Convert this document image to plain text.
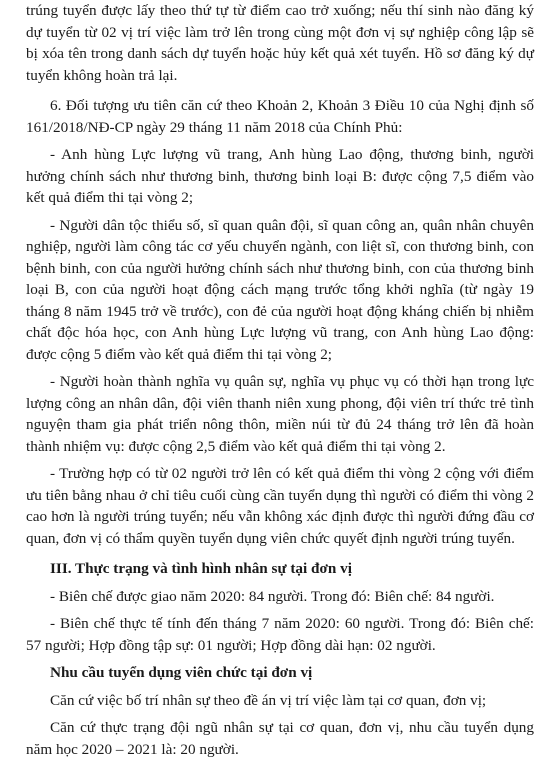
trúng tuyển được lấy theo thứ tự từ điểm cao trở xuống; nếu thí sinh nào đăng ký dự tuyển từ 02 vị trí việc làm trở lên trong cùng một đơn vị sự nghiệp công lập sẽ bị xóa tên trong danh sách dự tuyển hoặc hủy kết quả xét tuyển. Hồ sơ đăng ký dự tuyển không hoàn trả lại.

6. Đối tượng ưu tiên căn cứ theo Khoản 2, Khoản 3 Điều 10 của Nghị định số 161/2018/NĐ-CP ngày 29 tháng 11 năm 2018 của Chính Phủ:

- Anh hùng Lực lượng vũ trang, Anh hùng Lao động, thương binh, người hưởng chính sách như thương binh, thương binh loại B: được cộng 7,5 điểm vào kết quả điểm thi tại vòng 2;

- Người dân tộc thiểu số, sĩ quan quân đội, sĩ quan công an, quân nhân chuyên nghiệp, người làm công tác cơ yếu chuyển ngành, con liệt sĩ, con thương binh, con bệnh binh, con của người hưởng chính sách như thương binh, con của thương binh loại B, con của người hoạt động cách mạng trước tổng khởi nghĩa (từ ngày 19 tháng 8 năm 1945 trở về trước), con đẻ của người hoạt động kháng chiến bị nhiễm chất độc hóa học, con Anh hùng Lực lượng vũ trang, con Anh hùng Lao động: được cộng 5 điểm vào kết quả điểm thi tại vòng 2;

- Người hoàn thành nghĩa vụ quân sự, nghĩa vụ phục vụ có thời hạn trong lực lượng công an nhân dân, đội viên thanh niên xung phong, đội viên trí thức trẻ tình nguyện tham gia phát triển nông thôn, miền núi từ đủ 24 tháng trở lên đã hoàn thành nhiệm vụ: được cộng 2,5 điểm vào kết quả điểm thi tại vòng 2.

- Trường hợp có từ 02 người trở lên có kết quả điểm thi vòng 2 cộng với điểm ưu tiên bằng nhau ở chỉ tiêu cuối cùng cần tuyển dụng thì người có điểm thi vòng 2 cao hơn là người trúng tuyển; nếu vẫn không xác định được thì người đứng đầu cơ quan, đơn vị có thẩm quyền tuyển dụng viên chức quyết định người trúng tuyển.

III. Thực trạng và tình hình nhân sự tại đơn vị

- Biên chế được giao năm 2020: 84 người. Trong đó: Biên chế: 84 người.

- Biên chế thực tế tính đến tháng 7 năm 2020: 60 người. Trong đó: Biên chế: 57 người; Hợp đồng tập sự: 01 người; Hợp đồng dài hạn: 02 người.

Nhu cầu tuyển dụng viên chức tại đơn vị

Căn cứ việc bố trí nhân sự theo đề án vị trí việc làm tại cơ quan, đơn vị;

Căn cứ thực trạng đội ngũ nhân sự tại cơ quan, đơn vị, nhu cầu tuyển dụng năm học 2020 – 2021 là: 20 người.
